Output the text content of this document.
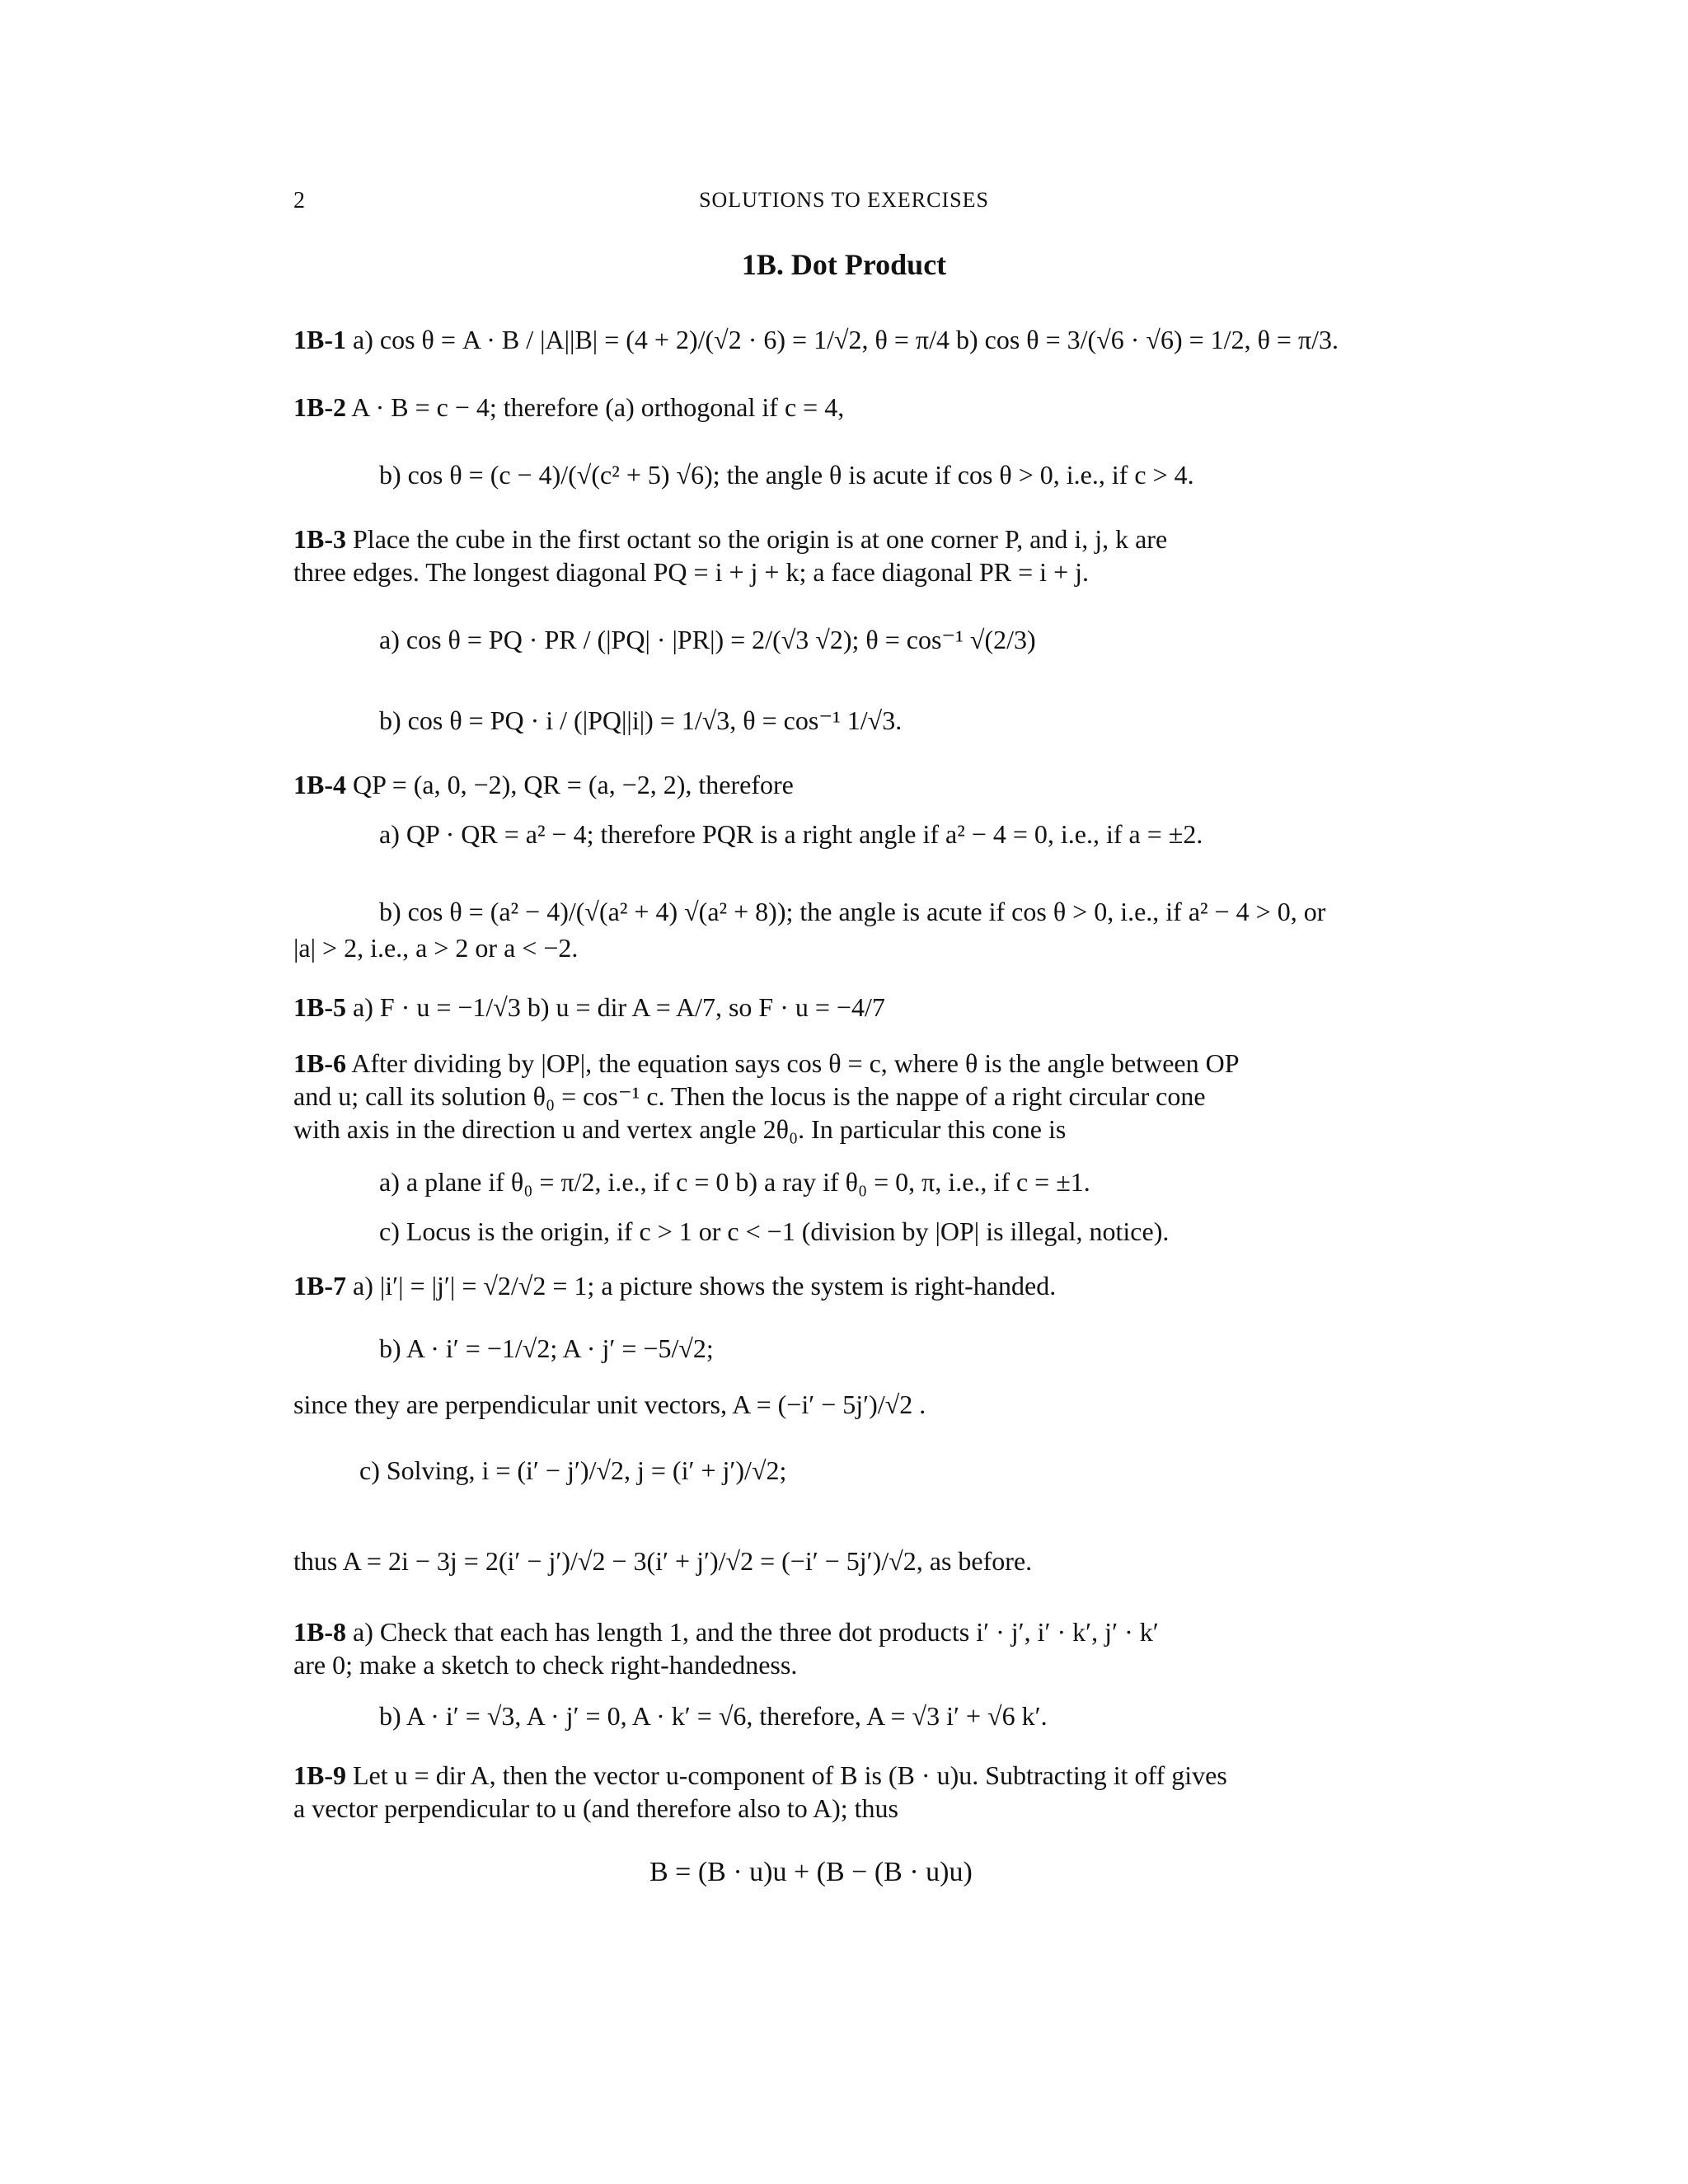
2	SOLUTIONS TO EXERCISES
1B. Dot Product
1B-1 a) cos θ = A · B / |A||B| = (4 + 2)/(√2 · 6) = 1/√2, θ = π/4 b) cos θ = 3/(√6 · √6) = 1/2, θ = π/3.
1B-2 A · B = c − 4; therefore (a) orthogonal if c = 4,
b) cos θ = (c − 4)/(√(c² + 5) √6); the angle θ is acute if cos θ > 0, i.e., if c > 4.
1B-3 Place the cube in the first octant so the origin is at one corner P, and i, j, k are
three edges. The longest diagonal PQ = i + j + k; a face diagonal PR = i + j.
a) cos θ = PQ · PR / (|PQ| · |PR|) = 2/(√3 √2); θ = cos⁻¹ √(2/3)
b) cos θ = PQ · i / (|PQ||i|) = 1/√3, θ = cos⁻¹ 1/√3.
1B-4 QP = (a, 0, −2), QR = (a, −2, 2), therefore
a) QP · QR = a² − 4; therefore PQR is a right angle if a² − 4 = 0, i.e., if a = ±2.
b) cos θ = (a² − 4)/(√(a² + 4) √(a² + 8)); the angle is acute if cos θ > 0, i.e., if a² − 4 > 0, or
|a| > 2, i.e., a > 2 or a < −2.
1B-5 a) F · u = −1/√3 b) u = dir A = A/7, so F · u = −4/7
1B-6 After dividing by |OP|, the equation says cos θ = c, where θ is the angle between OP
and u; call its solution θ₀ = cos⁻¹ c. Then the locus is the nappe of a right circular cone
with axis in the direction u and vertex angle 2θ₀. In particular this cone is
a) a plane if θ₀ = π/2, i.e., if c = 0 b) a ray if θ₀ = 0, π, i.e., if c = ±1.
c) Locus is the origin, if c > 1 or c < −1 (division by |OP| is illegal, notice).
1B-7 a) |i′| = |j′| = √2/√2 = 1; a picture shows the system is right-handed.
b) A · i′ = −1/√2; A · j′ = −5/√2;
since they are perpendicular unit vectors, A = (−i′ − 5j′)/√2 .
c) Solving, i = (i′ − j′)/√2, j = (i′ + j′)/√2;
thus A = 2i − 3j = 2(i′ − j′)/√2 − 3(i′ + j′)/√2 = (−i′ − 5j′)/√2, as before.
1B-8 a) Check that each has length 1, and the three dot products i′ · j′, i′ · k′, j′ · k′
are 0; make a sketch to check right-handedness.
b) A · i′ = √3, A · j′ = 0, A · k′ = √6, therefore, A = √3 i′ + √6 k′.
1B-9 Let u = dir A, then the vector u-component of B is (B · u)u. Subtracting it off gives
a vector perpendicular to u (and therefore also to A); thus
B = (B · u)u + (B − (B · u)u)
